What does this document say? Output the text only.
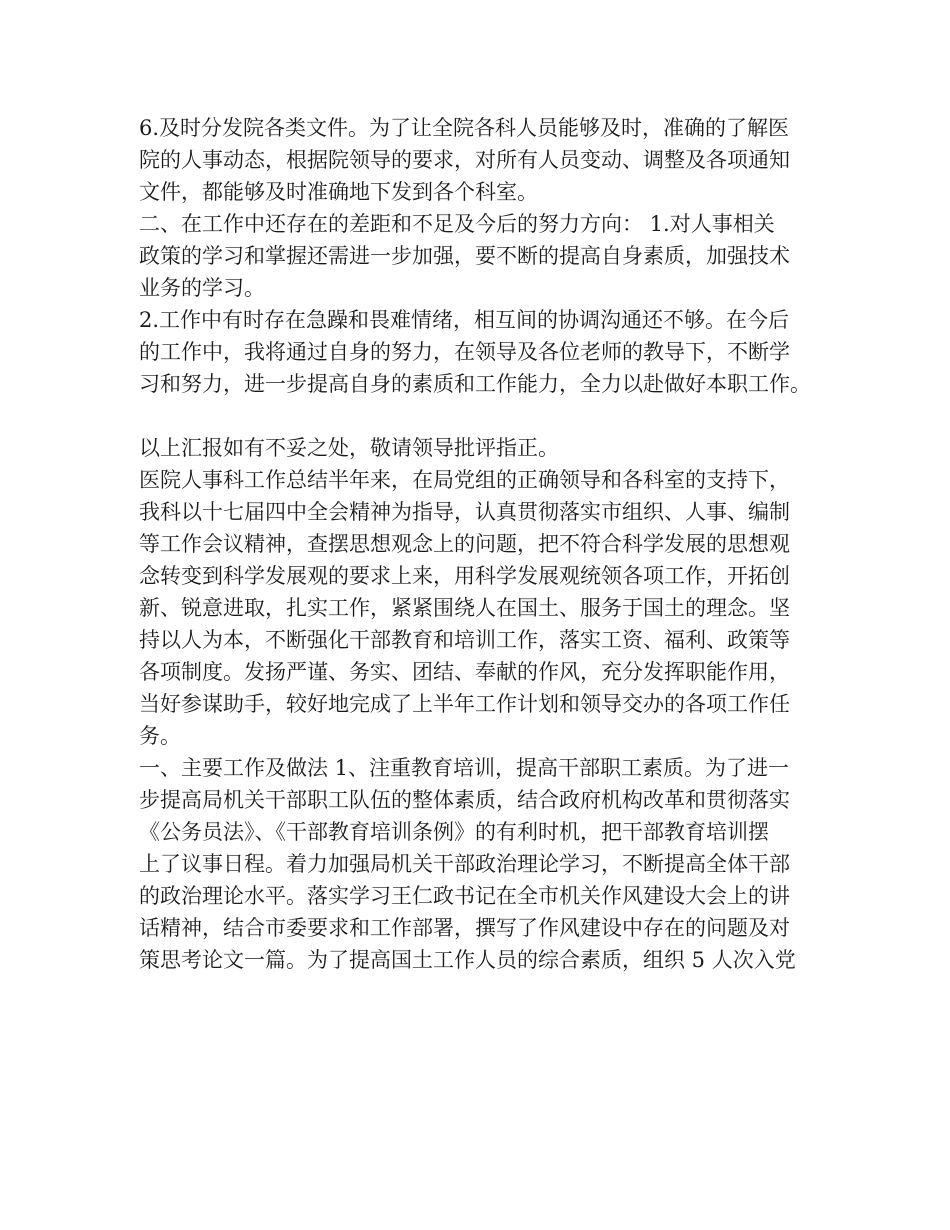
6.及时分发院各类文件。为了让全院各科人员能够及时，准确的了解医
院的人事动态，根据院领导的要求，对所有人员变动、调整及各项通知
文件，都能够及时准确地下发到各个科室。
二、在工作中还存在的差距和不足及今后的努力方向： 1.对人事相关
政策的学习和掌握还需进一步加强，要不断的提高自身素质，加强技术
业务的学习。
2.工作中有时存在急躁和畏难情绪，相互间的协调沟通还不够。在今后
的工作中，我将通过自身的努力，在领导及各位老师的教导下，不断学
习和努力，进一步提高自身的素质和工作能力，全力以赴做好本职工作。
以上汇报如有不妥之处，敬请领导批评指正。
医院人事科工作总结半年来，在局党组的正确领导和各科室的支持下，
我科以十七届四中全会精神为指导，认真贯彻落实市组织、人事、编制
等工作会议精神，查摆思想观念上的问题，把不符合科学发展的思想观
念转变到科学发展观的要求上来，用科学发展观统领各项工作，开拓创
新、锐意进取，扎实工作，紧紧围绕人在国土、服务于国土的理念。坚
持以人为本，不断强化干部教育和培训工作，落实工资、福利、政策等
各项制度。发扬严谨、务实、团结、奉献的作风，充分发挥职能作用，
当好参谋助手，较好地完成了上半年工作计划和领导交办的各项工作任
务。
一、主要工作及做法 1、注重教育培训，提高干部职工素质。为了进一
步提高局机关干部职工队伍的整体素质，结合政府机构改革和贯彻落实
《公务员法》、《干部教育培训条例》的有利时机，把干部教育培训摆
上了议事日程。着力加强局机关干部政治理论学习，不断提高全体干部
的政治理论水平。落实学习王仁政书记在全市机关作风建设大会上的讲
话精神，结合市委要求和工作部署，撰写了作风建设中存在的问题及对
策思考论文一篇。为了提高国土工作人员的综合素质，组织 5 人次入党
